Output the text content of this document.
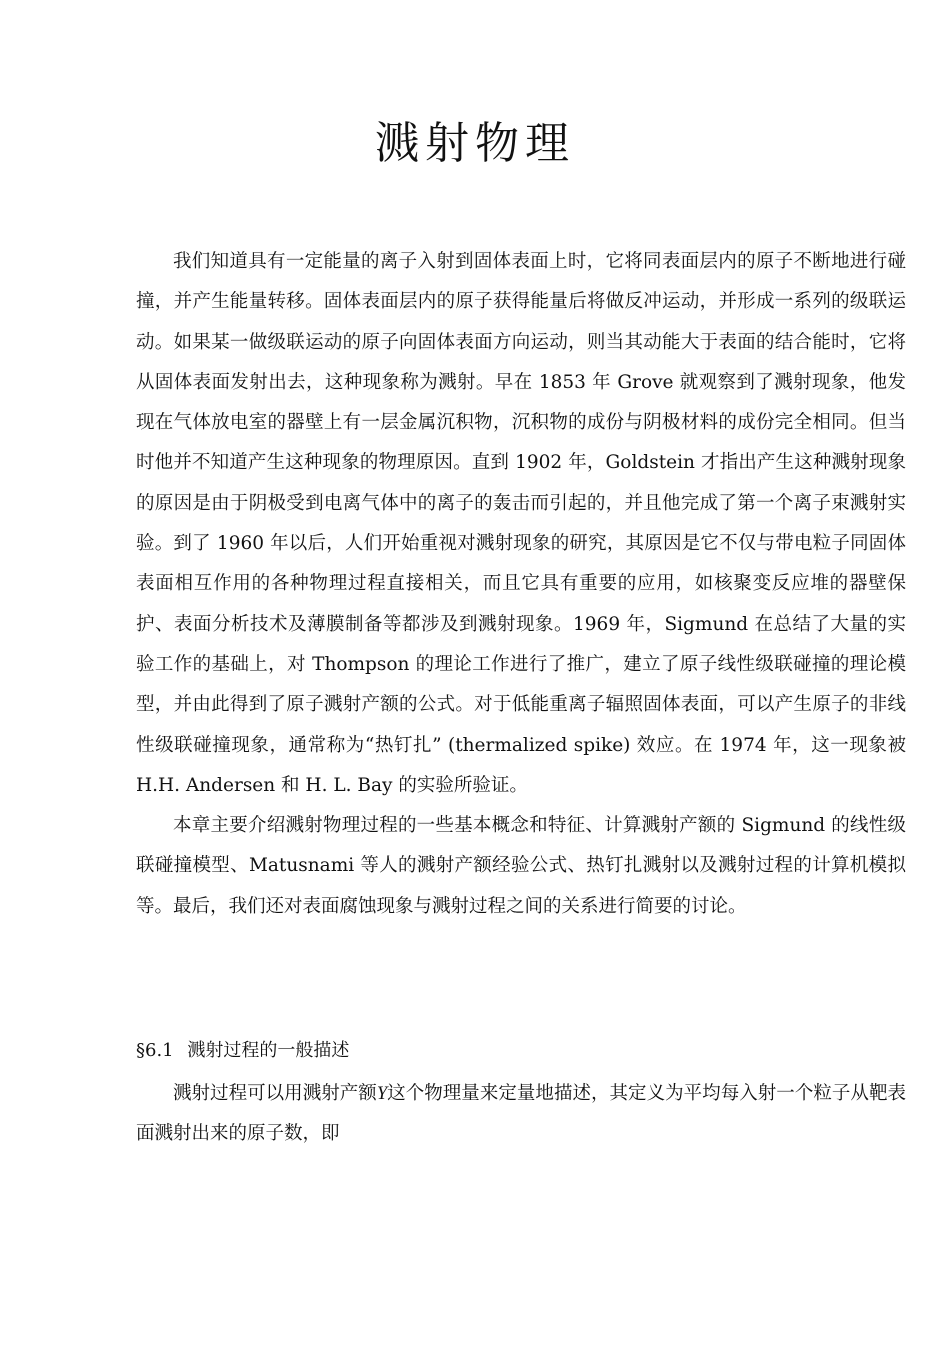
溅射物理

我们知道具有一定能量的离子入射到固体表面上时，它将同表面层内的原子不断地进行碰撞，并产生能量转移。固体表面层内的原子获得能量后将做反冲运动，并形成一系列的级联运动。如果某一做级联运动的原子向固体表面方向运动，则当其动能大于表面的结合能时，它将从固体表面发射出去，这种现象称为溅射。早在 1853 年 Grove 就观察到了溅射现象，他发现在气体放电室的器壁上有一层金属沉积物，沉积物的成份与阴极材料的成份完全相同。但当时他并不知道产生这种现象的物理原因。直到 1902 年，Goldstein 才指出产生这种溅射现象的原因是由于阴极受到电离气体中的离子的轰击而引起的，并且他完成了第一个离子束溅射实验。到了 1960 年以后，人们开始重视对溅射现象的研究，其原因是它不仅与带电粒子同固体表面相互作用的各种物理过程直接相关，而且它具有重要的应用，如核聚变反应堆的器壁保护、表面分析技术及薄膜制备等都涉及到溅射现象。1969 年，Sigmund 在总结了大量的实验工作的基础上，对 Thompson 的理论工作进行了推广，建立了原子线性级联碰撞的理论模型，并由此得到了原子溅射产额的公式。对于低能重离子辐照固体表面，可以产生原子的非线性级联碰撞现象，通常称为“热钉扎” (thermalized spike) 效应。在 1974 年，这一现象被 H.H. Andersen 和 H. L. Bay 的实验所验证。

本章主要介绍溅射物理过程的一些基本概念和特征、计算溅射产额的 Sigmund 的线性级联碰撞模型、Matusnami 等人的溅射产额经验公式、热钉扎溅射以及溅射过程的计算机模拟等。最后，我们还对表面腐蚀现象与溅射过程之间的关系进行简要的讨论。

§6.1 溅射过程的一般描述

溅射过程可以用溅射产额Y这个物理量来定量地描述，其定义为平均每入射一个粒子从靶表面溅射出来的原子数，即
